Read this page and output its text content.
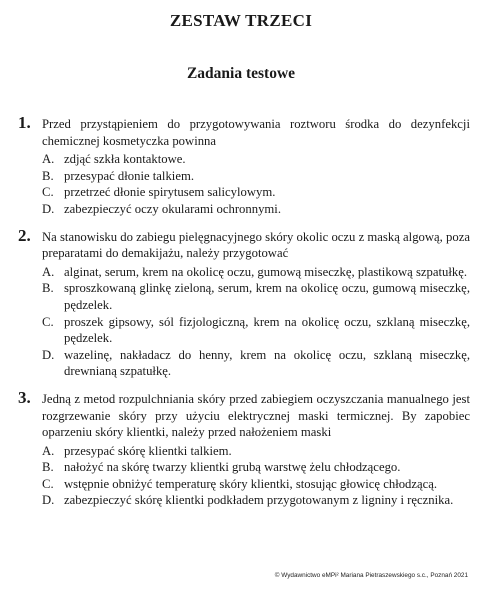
ZESTAW TRZECI
Zadania testowe
1. Przed przystąpieniem do przygotowywania roztworu środka do dezynfekcji chemicznej kosmetyczka powinna
A. zdjąć szkła kontaktowe.
B. przesypać dłonie talkiem.
C. przetrzeć dłonie spirytusem salicylowym.
D. zabezpieczyć oczy okularami ochronnymi.
2. Na stanowisku do zabiegu pielęgnacyjnego skóry okolic oczu z maską algową, poza preparatami do demakijażu, należy przygotować
A. alginat, serum, krem na okolicę oczu, gumową miseczkę, plastikową szpatułkę.
B. sproszkowaną glinkę zieloną, serum, krem na okolicę oczu, gumową miseczkę, pędzelek.
C. proszek gipsowy, sól fizjologiczną, krem na okolicę oczu, szklaną miseczkę, pędzelek.
D. wazelinę, nakładacz do henny, krem na okolicę oczu, szklaną miseczkę, drewnianą szpatułkę.
3. Jedną z metod rozpulchniania skóry przed zabiegiem oczyszczania manualnego jest rozgrzewanie skóry przy użyciu elektrycznej maski termicznej. By zapobiec oparzeniu skóry klientki, należy przed nałożeniem maski
A. przesypać skórę klientki talkiem.
B. nałożyć na skórę twarzy klientki grubą warstwę żelu chłodzącego.
C. wstępnie obniżyć temperaturę skóry klientki, stosując głowicę chłodzącą.
D. zabezpieczyć skórę klientki podkładem przygotowanym z ligniny i ręcznika.
© Wydawnictwo eMPi² Mariana Pietraszewskiego s.c., Poznań 2021
